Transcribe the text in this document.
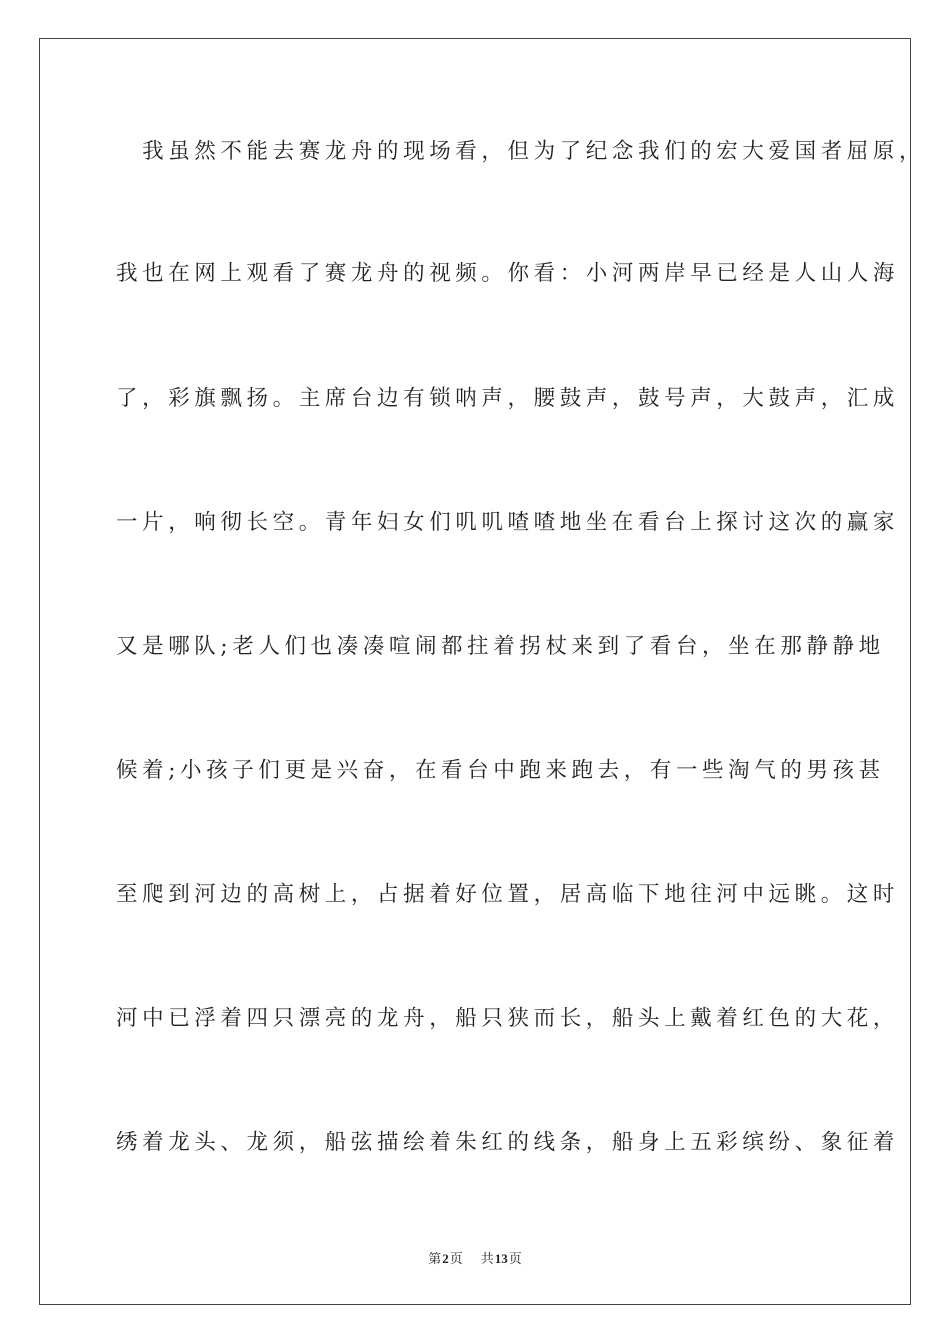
　我虽然不能去赛龙舟的现场看，但为了纪念我们的宏大爱国者屈原，
我也在网上观看了赛龙舟的视频。你看：小河两岸早已经是人山人海
了，彩旗飘扬。主席台边有锁呐声，腰鼓声，鼓号声，大鼓声，汇成
一片，响彻长空。青年妇女们叽叽喳喳地坐在看台上探讨这次的赢家
又是哪队;老人们也凑凑喧闹都拄着拐杖来到了看台，坐在那静静地
候着;小孩子们更是兴奋，在看台中跑来跑去，有一些淘气的男孩甚
至爬到河边的高树上，占据着好位置，居高临下地往河中远眺。这时
河中已浮着四只漂亮的龙舟，船只狭而长，船头上戴着红色的大花，
绣着龙头、龙须，船弦描绘着朱红的线条，船身上五彩缤纷、象征着
第2页 共13页
